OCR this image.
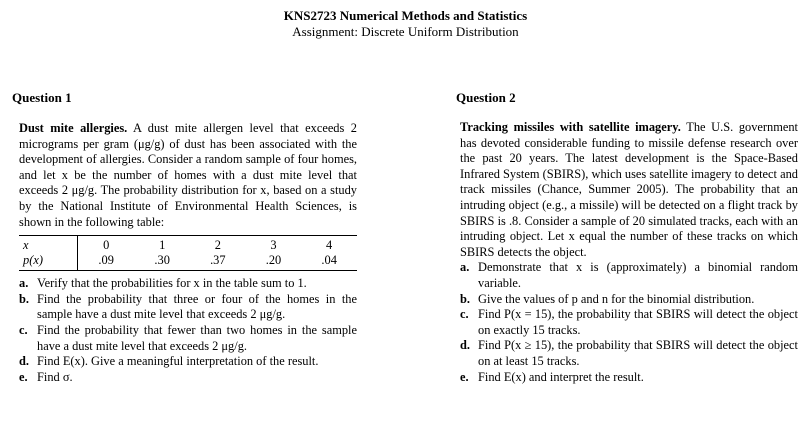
KNS2723 Numerical Methods and Statistics
Assignment: Discrete Uniform Distribution
Question 1	Question 2
Dust mite allergies. A dust mite allergen level that exceeds 2 micrograms per gram (μg/g) of dust has been associated with the development of allergies. Consider a random sample of four homes, and let x be the number of homes with a dust mite level that exceeds 2 μg/g. The probability distribution for x, based on a study by the National Institute of Environmental Health Sciences, is shown in the following table:
x	0	1	2	3	4
p(x)	.09	.30	.37	.20	.04
a. Verify that the probabilities for x in the table sum to 1.
b. Find the probability that three or four of the homes in the sample have a dust mite level that exceeds 2 μg/g.
c. Find the probability that fewer than two homes in the sample have a dust mite level that exceeds 2 μg/g.
d. Find E(x). Give a meaningful interpretation of the result.
e. Find σ.
Tracking missiles with satellite imagery. The U.S. government has devoted considerable funding to missile defense research over the past 20 years. The latest development is the Space-Based Infrared System (SBIRS), which uses satellite imagery to detect and track missiles (Chance, Summer 2005). The probability that an intruding object (e.g., a missile) will be detected on a flight track by SBIRS is .8. Consider a sample of 20 simulated tracks, each with an intruding object. Let x equal the number of these tracks on which SBIRS detects the object.
a. Demonstrate that x is (approximately) a binomial random variable.
b. Give the values of p and n for the binomial distribution.
c. Find P(x = 15), the probability that SBIRS will detect the object on exactly 15 tracks.
d. Find P(x ≥ 15), the probability that SBIRS will detect the object on at least 15 tracks.
e. Find E(x) and interpret the result.
